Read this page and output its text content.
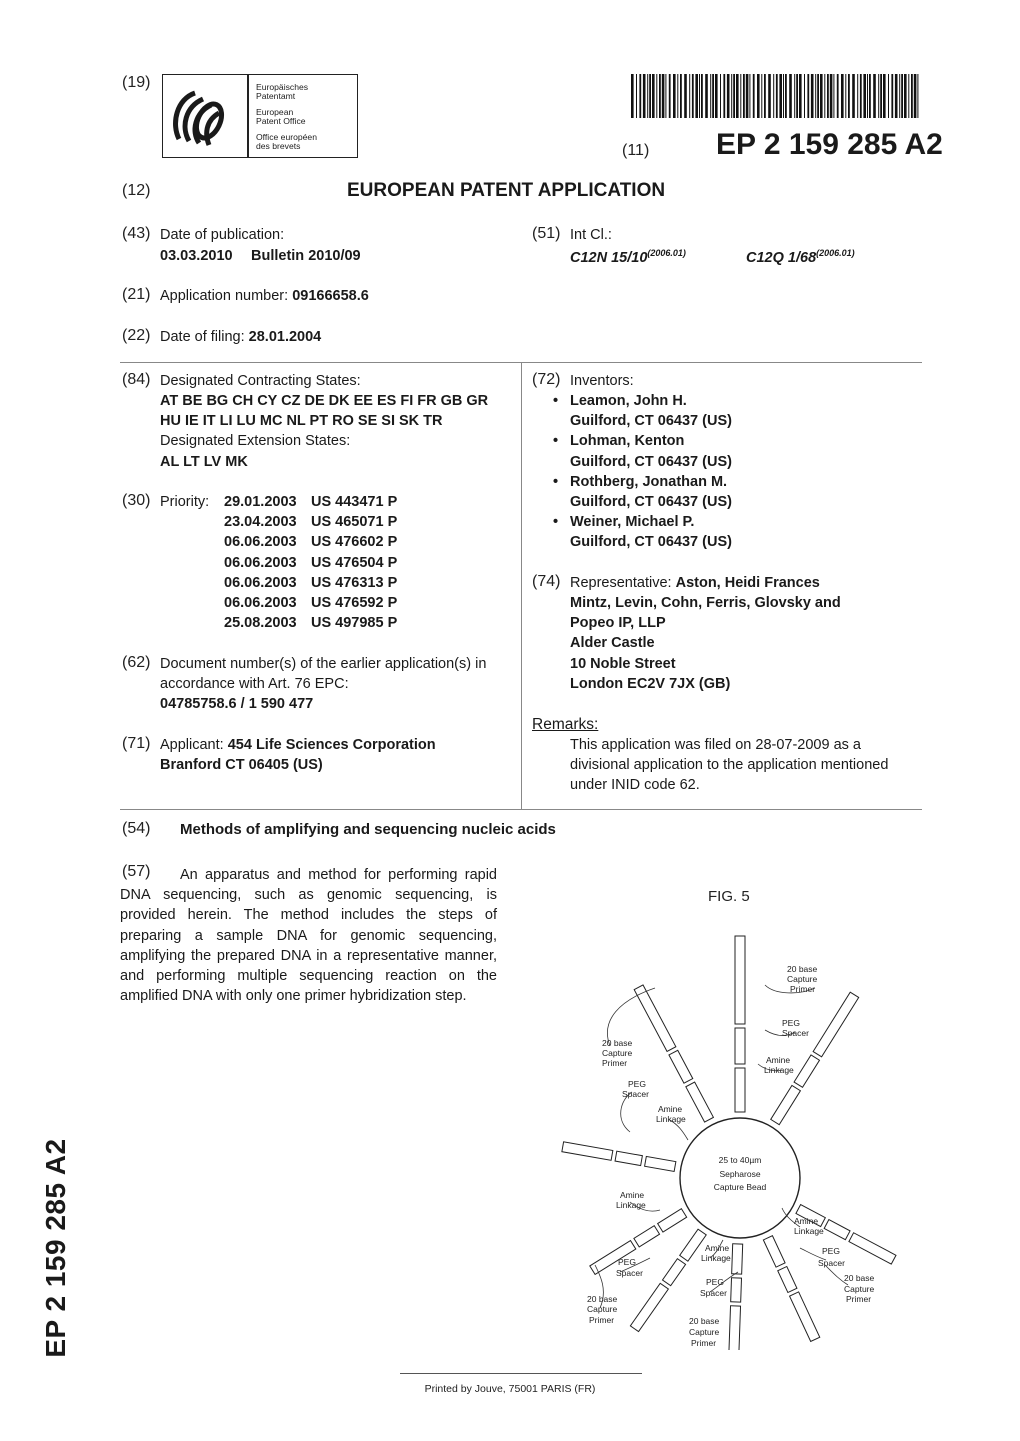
(19)	Europäisches
Patentamt
European
Patent Office
Office européen
des brevets	(11) EP 2 159 285 A2
(12)	EUROPEAN PATENT APPLICATION
(43) Date of publication:
03.03.2010 Bulletin 2010/09
(51) Int Cl.:
C12N $15/10^{(2006.01)}$	C12Q $1/68^{(2006.01)}$
(21) Application number: 09166658.6
(22) Date of filing: 28.01.2004
(84) Designated Contracting States:
AT BE BG CH CY CZ DE DK EE ES FI FR GB GR
HU IE IT LI LU MC NL PT RO SE SI SK TR
Designated Extension States:
AL LT LV MK
(30) Priority: 29.01.2003 US 443471 P
23.04.2003 US 465071 P
06.06.2003 US 476602 P
06.06.2003 US 476504 P
06.06.2003 US 476313 P
06.06.2003 US 476592 P
25.08.2003 US 497985 P
(62) Document number(s) of the earlier application(s) in
accordance with Art. 76 EPC:
04785758.6 / 1 590 477
(71) Applicant: 454 Life Sciences Corporation
Branford CT 06405 (US)
(72) Inventors:
• Leamon, John H.
Guilford, CT 06437 (US)
• Lohman, Kenton
Guilford, CT 06437 (US)
• Rothberg, Jonathan M.
Guilford, CT 06437 (US)
• Weiner, Michael P.
Guilford, CT 06437 (US)
(74) Representative: Aston, Heidi Frances
Mintz, Levin, Cohn, Ferris, Glovsky and
Popeo IP, LLP
Alder Castle
10 Noble Street
London EC2V 7JX (GB)
Remarks:
This application was filed on 28-07-2009 as a
divisional application to the application mentioned
under INID code 62.
(54) Methods of amplifying and sequencing nucleic acids
(57)	An apparatus and method for performing rapid DNA sequencing, such as genomic sequencing, is provided herein. The method includes the steps of preparing a sample DNA for genomic sequencing, amplifying the prepared DNA in a representative manner, and performing multiple sequencing reaction on the amplified DNA with only one primer hybridization step.
FIG. 5
25 to 40µm
Sepharose
Capture Bead
20 base
Capture
Primer
PEG
Spacer
Amine
Linkage
20 base
Capture
Primer
PEG
Spacer
Amine
Linkage
Amine
Linkage
Amine
Linkage
PEG
Spacer
20 base
Capture
Primer
Amine
Linkage
PEG
Spacer
20 base
Capture
Primer
PEG
Spacer
20 base
Capture
Primer
EP 2 159 285 A2
Printed by Jouve, 75001 PARIS (FR)
